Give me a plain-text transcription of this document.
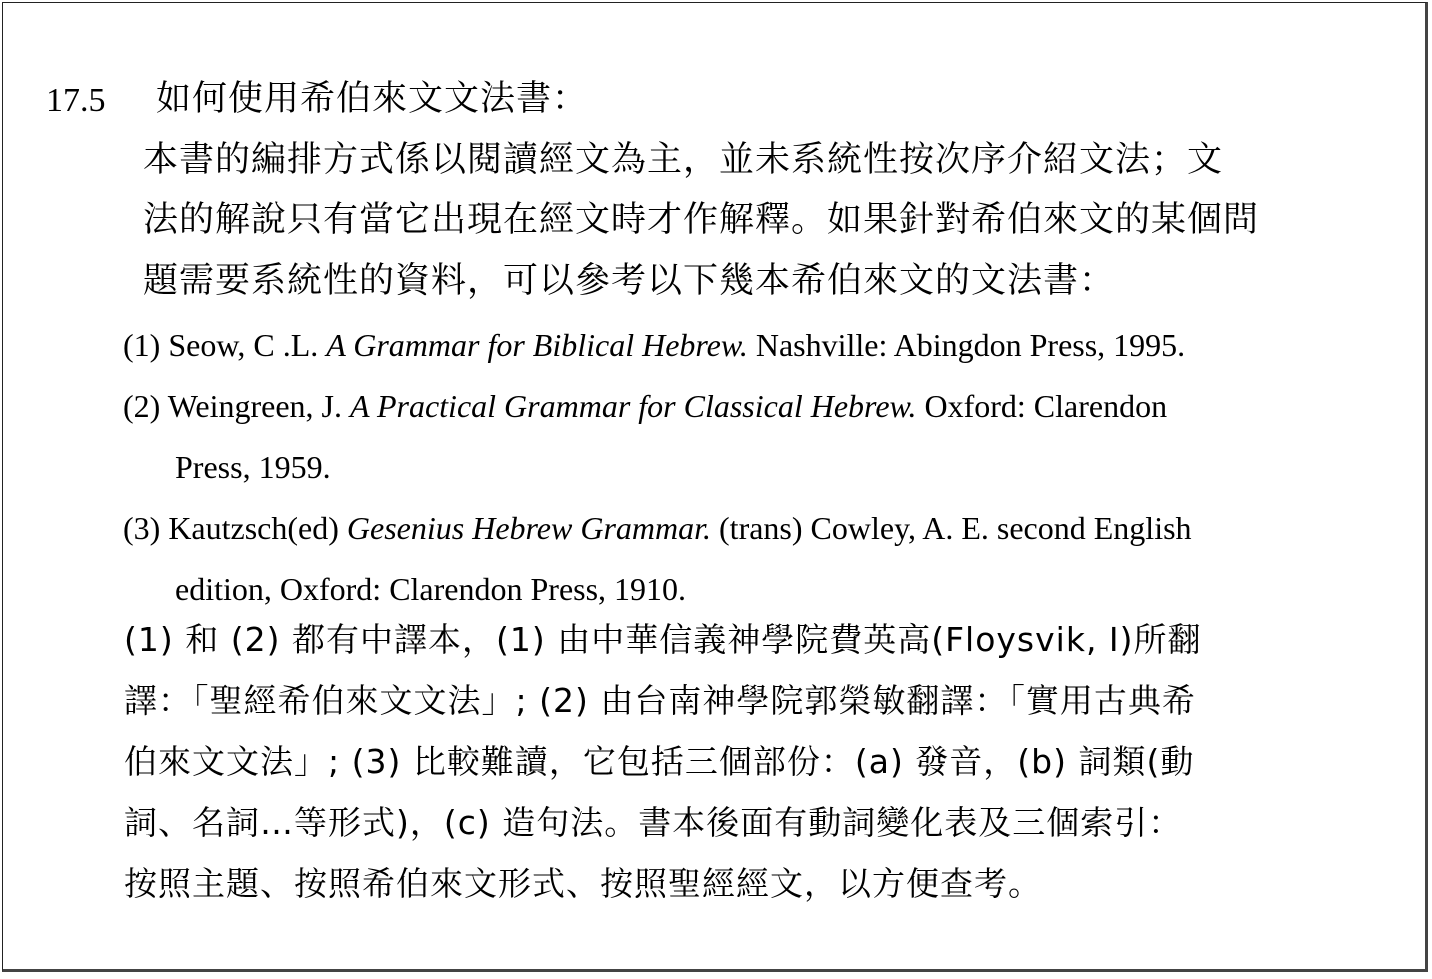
17.5 如何使用希伯來文文法書：
本書的編排方式係以閱讀經文為主，並未系統性按次序介紹文法；文
法的解說只有當它出現在經文時才作解釋。如果針對希伯來文的某個問
題需要系統性的資料，可以參考以下幾本希伯來文的文法書：
(1) Seow, C .L. A Grammar for Biblical Hebrew. Nashville: Abingdon Press, 1995.
(2) Weingreen, J. A Practical Grammar for Classical Hebrew. Oxford: Clarendon
Press, 1959.
(3) Kautzsch(ed) Gesenius Hebrew Grammar. (trans) Cowley, A. E. second English
edition, Oxford: Clarendon Press, 1910.
(1) 和 (2) 都有中譯本，(1) 由中華信義神學院費英高(Floysvik, I)所翻
譯：「聖經希伯來文文法」; (2) 由台南神學院郭榮敏翻譯：「實用古典希
伯來文文法」; (3) 比較難讀，它包括三個部份：(a) 發音，(b) 詞類(動
詞、名詞…等形式)，(c) 造句法。書本後面有動詞變化表及三個索引：
按照主題、按照希伯來文形式、按照聖經經文，以方便查考。
